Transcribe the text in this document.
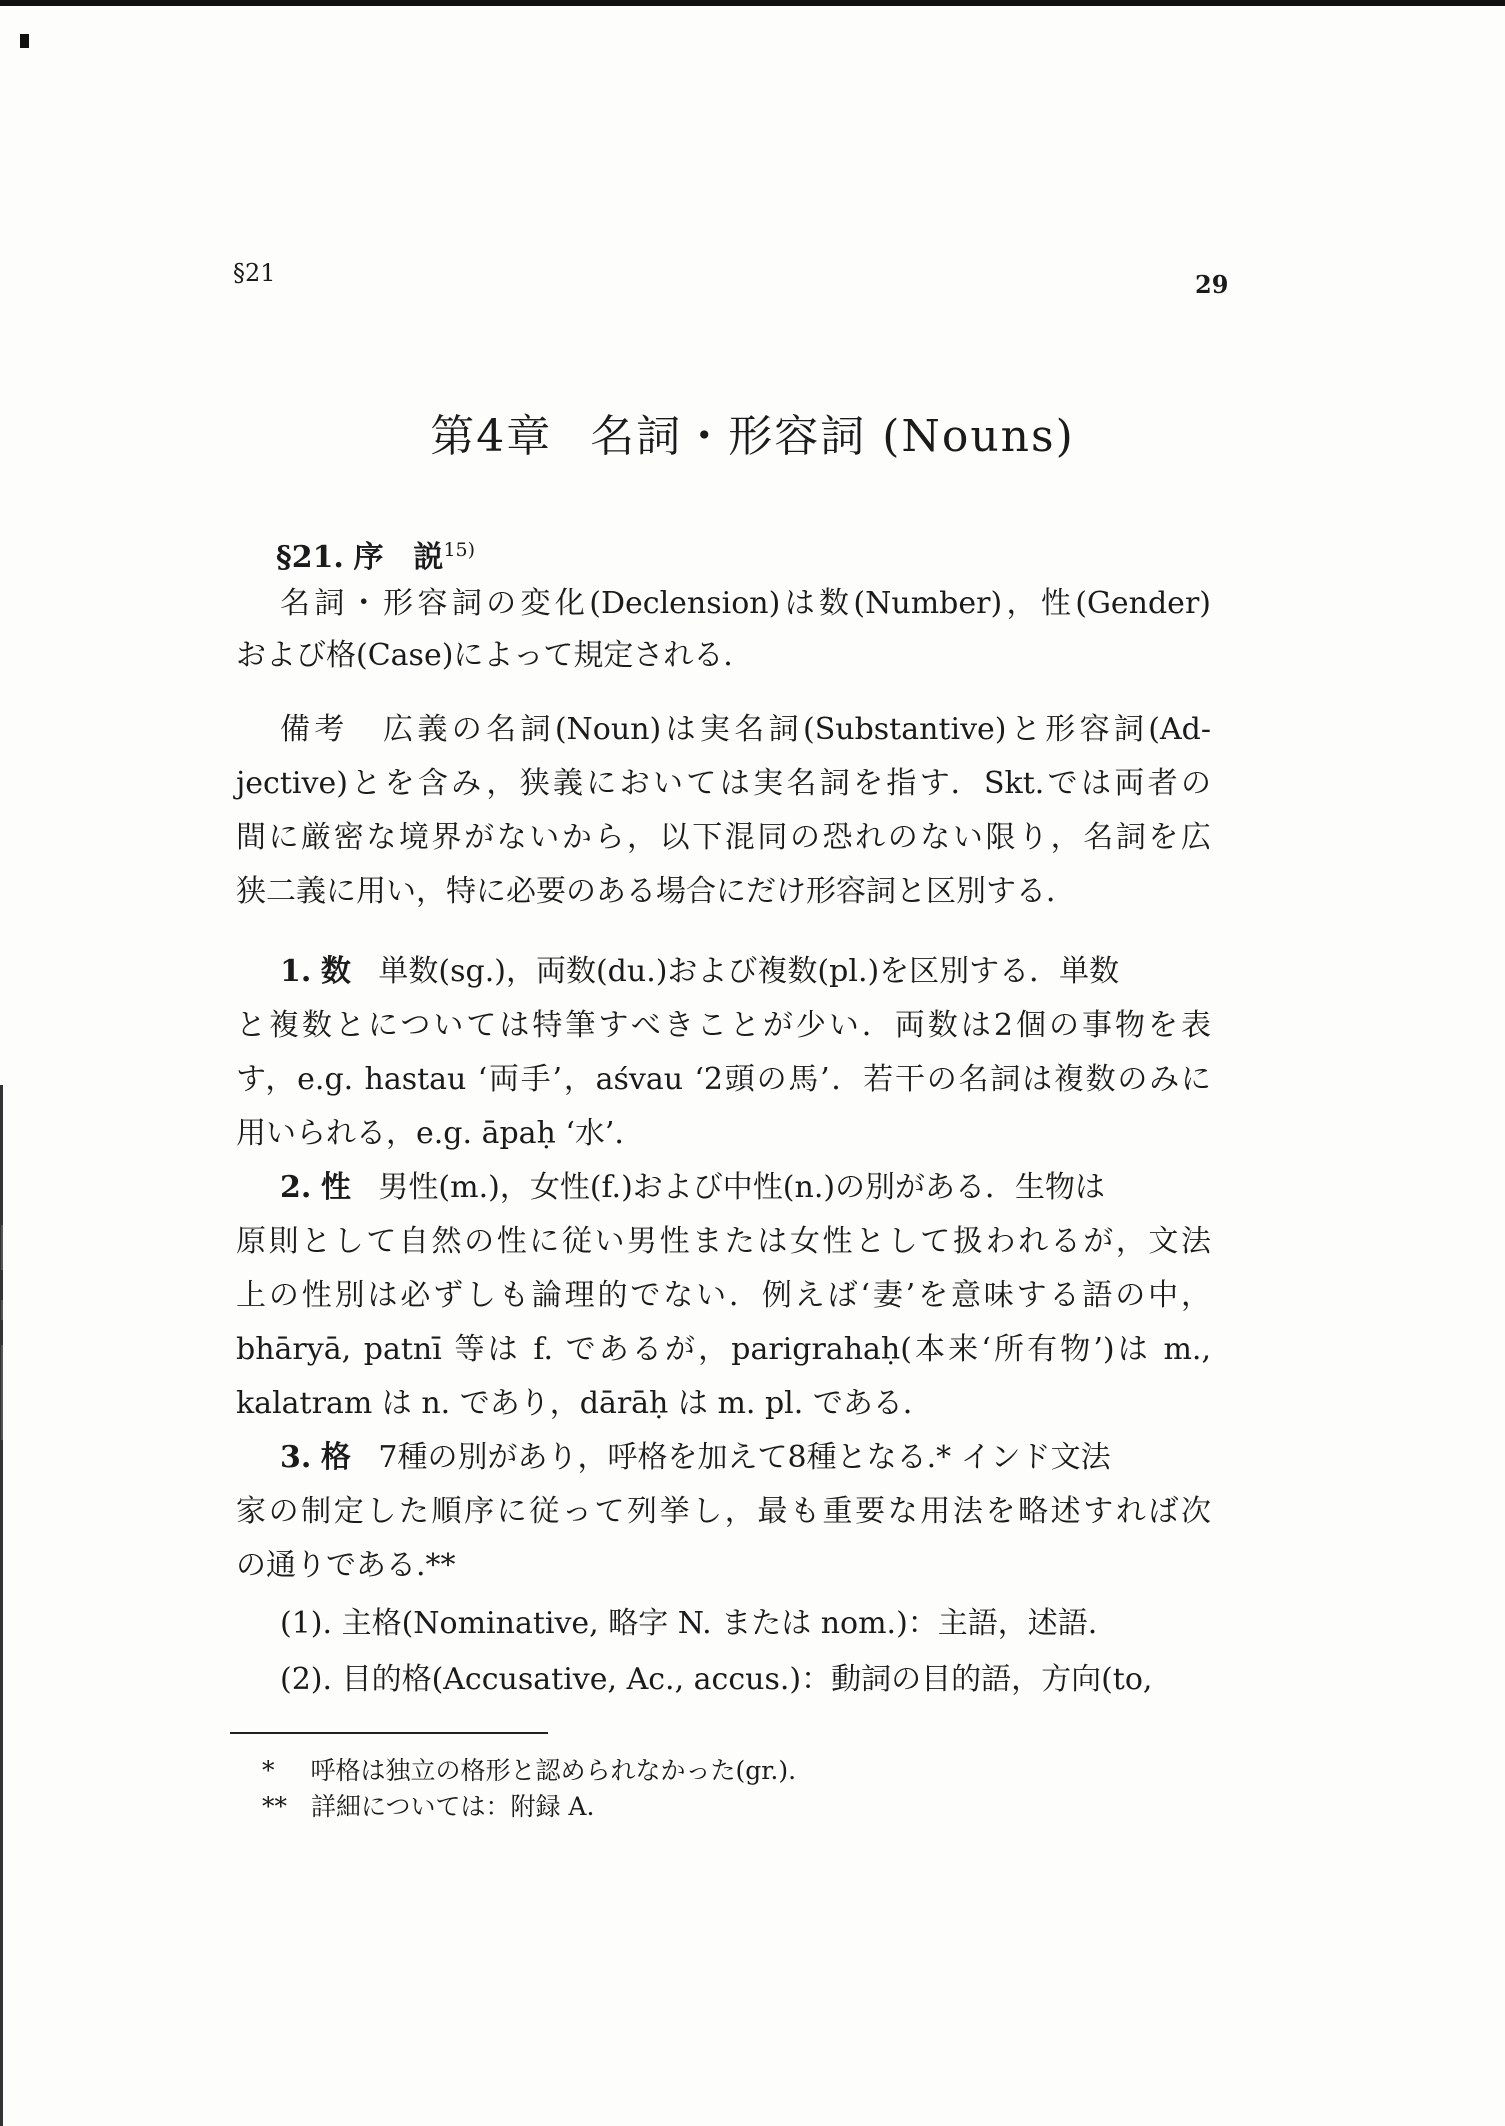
§21	29
第4章 名詞・形容詞 (Nouns)
§21. 序　説$^{15)}$
名詞・形容詞の変化(Declension)は数(Number)，性(Gender)
および格(Case)によって規定される．
備考　広義の名詞(Noun)は実名詞(Substantive)と形容詞(Ad-
jective)とを含み，狭義においては実名詞を指す．Skt.では両者の
間に厳密な境界がないから，以下混同の恐れのない限り，名詞を広
狭二義に用い，特に必要のある場合にだけ形容詞と区別する．
1. 数 単数(sg.)，両数(du.)および複数(pl.)を区別する．単数
と複数とについては特筆すべきことが少い．両数は2個の事物を表
す，e.g. hastau ‘両手’，aśvau ‘2頭の馬’．若干の名詞は複数のみに
用いられる，e.g. āpaḥ ‘水’．
2. 性 男性(m.)，女性(f.)および中性(n.)の別がある．生物は
原則として自然の性に従い男性または女性として扱われるが，文法
上の性別は必ずしも論理的でない．例えば‘妻’を意味する語の中，
bhāryā, patnī 等は f. であるが，parigrahaḥ(本来‘所有物’)は m.,
kalatram は n. であり，dārāḥ は m. pl. である．
3. 格 7種の別があり，呼格を加えて8種となる.* インド文法
家の制定した順序に従って列挙し，最も重要な用法を略述すれば次
の通りである.**
(1). 主格(Nominative, 略字 N. または nom.)：主語，述語.
(2). 目的格(Accusative, Ac., accus.)：動詞の目的語，方向(to,
* 呼格は独立の格形と認められなかった(gr.).
** 詳細については：附録 A.
